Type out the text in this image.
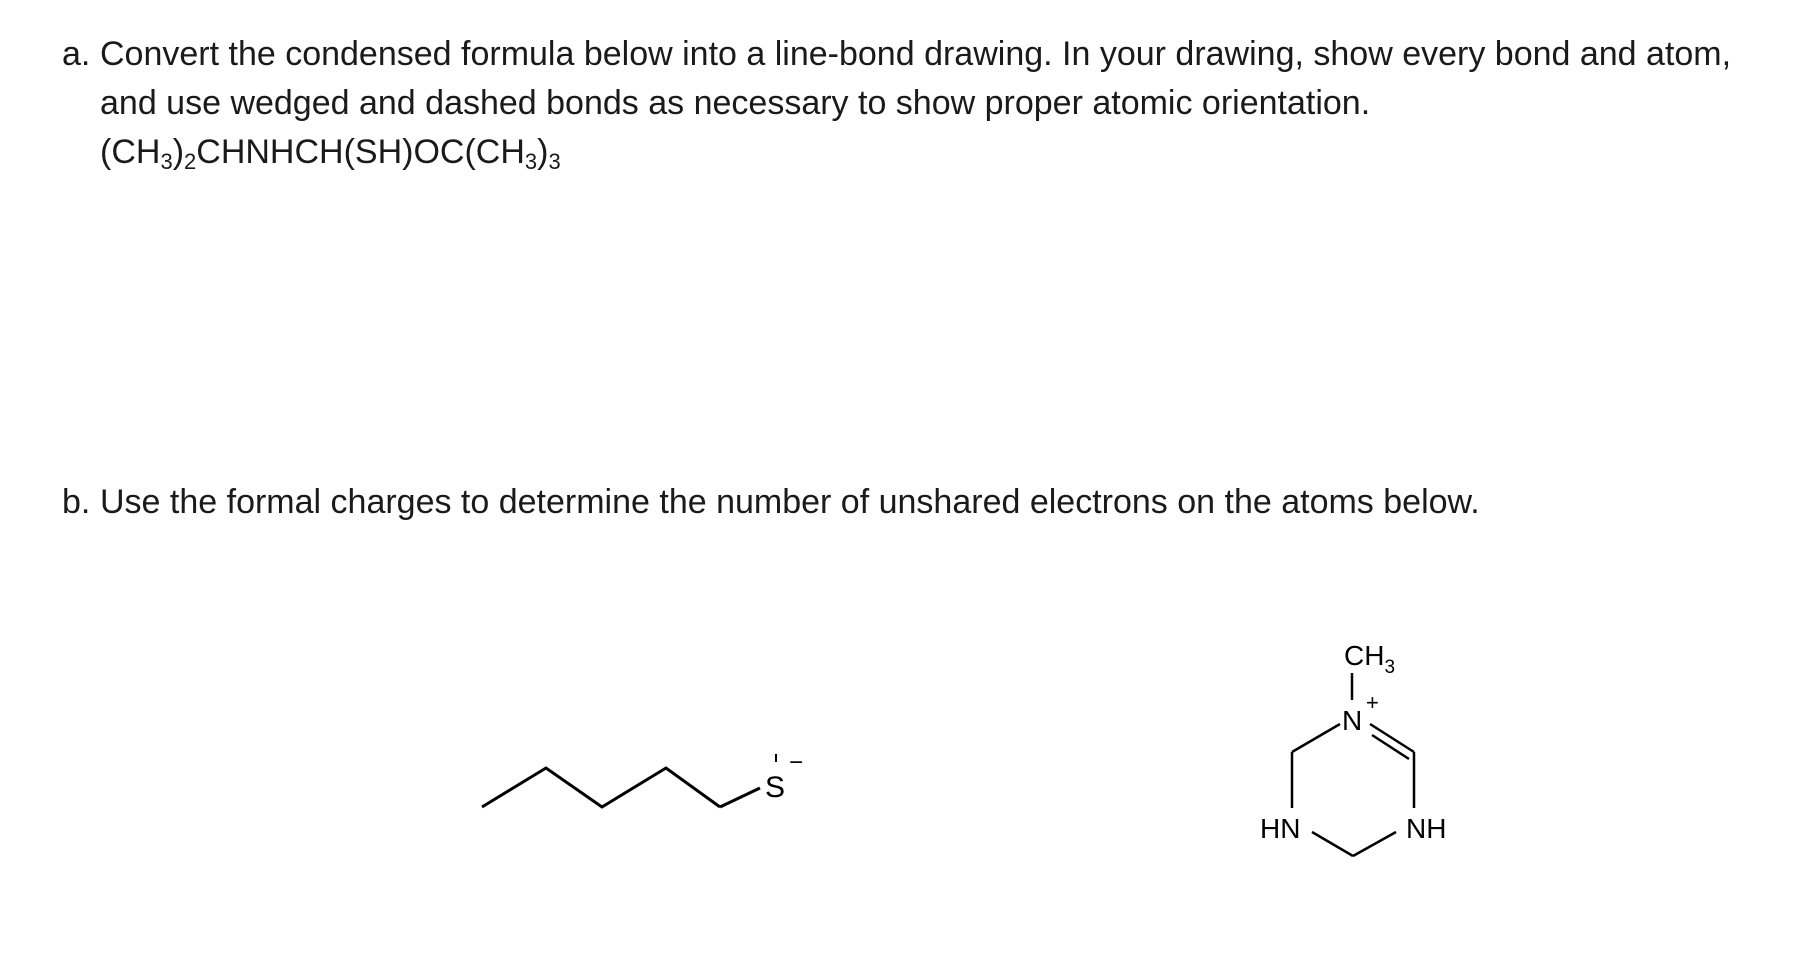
a. Convert the condensed formula below into a line-bond drawing. In your drawing, show every bond and atom,
and use wedged and dashed bonds as necessary to show proper atomic orientation.
$(CH_3)_2CHNHCH(SH)OC(CH_3)_3$
b. Use the formal charges to determine the number of unshared electrons on the atoms below.
S
−
$CH_3$
N
+
HN	NH
